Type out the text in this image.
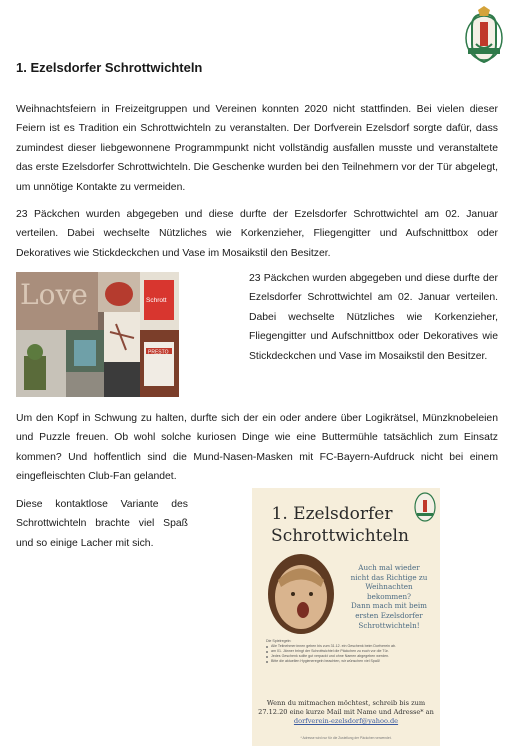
1. Ezelsdorfer Schrottwichteln

Weihnachtsfeiern in Freizeitgruppen und Vereinen konnten 2020 nicht stattfinden. Bei vielen dieser Feiern ist es Tradition ein Schrottwichteln zu veranstalten. Der Dorfverein Ezelsdorf sorgte dafür, dass zumindest dieser liebgewonnene Programmpunkt nicht vollständig ausfallen musste und veranstaltete das erste Ezelsdorfer Schrottwichteln. Die Geschenke wurden bei den Teilnehmern vor der Tür abgelegt, um unnötige Kontakte zu vermeiden.

23 Päckchen wurden abgegeben und diese durfte der Ezelsdorfer Schrottwichtel am 02. Januar verteilen. Dabei wechselte Nützliches wie Korkenzieher, Fliegengitter und Aufschnittbox oder Dekoratives wie Stickdeckchen und Vase im Mosaikstil den Besitzer.

Love	Schrott
PRESTO

23 Päckchen wurden abgegeben und diese durfte der Ezelsdorfer Schrottwichtel am 02. Januar verteilen. Dabei wechselte Nützliches wie Korkenzieher, Fliegengitter und Aufschnittbox oder Dekoratives wie Stickdeckchen und Vase im Mosaikstil den Besitzer.

Um den Kopf in Schwung zu halten, durfte sich der ein oder andere über Logikrätsel, Münzknobeleien und Puzzle freuen. Ob wohl solche kuriosen Dinge wie eine Buttermühle tatsächlich zum Einsatz kommen? Und hoffentlich sind die Mund-Nasen-Masken mit FC-Bayern-Aufdruck nicht bei einem eingefleischten Club-Fan gelandet.

Diese kontaktlose Variante des Schrottwichteln brachte viel Spaß und so einige Lacher mit sich.

1. Ezelsdorfer
Schrottwichteln
Auch mal wieder
nicht das Richtige zu
Weihnachten
bekommen?
Dann mach mit beim
ersten Ezelsdorfer
Schrottwichteln!
Die Spielregeln:
Alle Teilnehmer:innen geben bis zum 31.12. ein Geschenk beim Dorfverein ab.
am 01. Jänner bringt der Schrottwichtel die Päckchen zu euch vor die Tür.
Jedes Geschenk sollte gut verpackt und ohne Namen abgegeben werden.
Bitte die aktuellen Hygieneregeln beachten, wir wünschen viel Spaß!
Wenn du mitmachen möchtest, schreib bis zum
27.12.20 eine kurze Mail mit Name und Adresse* an
dorfverein-ezelsdorf@yahoo.de
* Adresse wird nur für die Zustellung der Päckchen verwendet.
